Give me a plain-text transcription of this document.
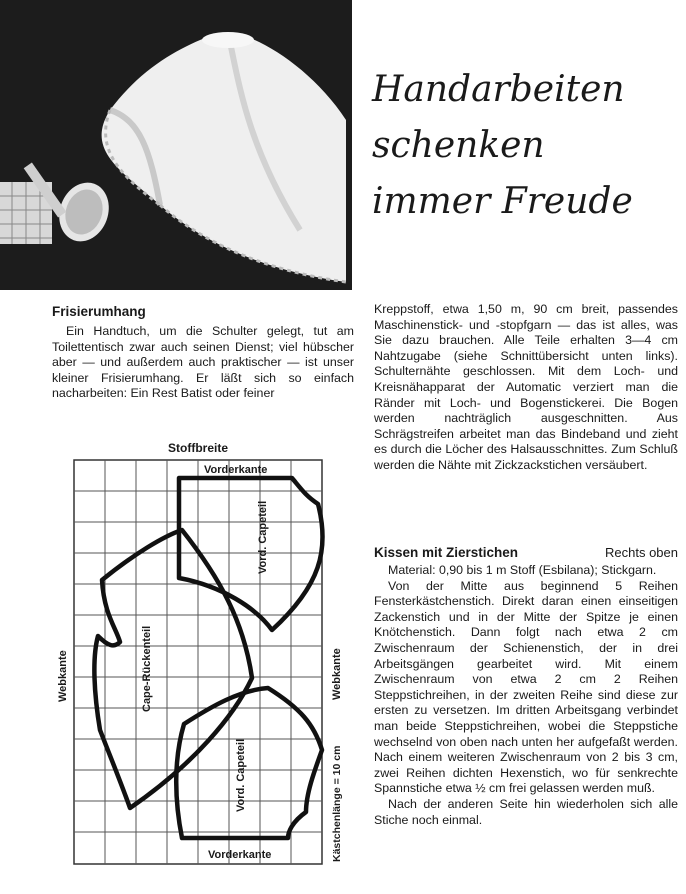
Handarbeiten
schenken
immer Freude
Frisierumhang

Ein Handtuch, um die Schulter gelegt, tut am Toilettentisch zwar auch seinen Dienst; viel hübscher aber — und außerdem auch praktischer — ist unser kleiner Frisierumhang. Er läßt sich so einfach nacharbeiten: Ein Rest Batist oder feiner

Kreppstoff, etwa 1,50 m, 90 cm breit, passendes Maschinenstick- und -stopfgarn — das ist alles, was Sie dazu brauchen. Alle Teile erhalten 3—4 cm Nahtzugabe (siehe Schnittübersicht unten links). Schulternähte geschlossen. Mit dem Loch- und Kreisnähapparat der Automatic verziert man die Ränder mit Loch- und Bogenstickerei. Die Bogen werden nachträglich ausgeschnitten. Aus Schrägstreifen arbeitet man das Bindeband und zieht es durch die Löcher des Halsausschnittes. Zum Schluß werden die Nähte mit Zickzackstichen versäubert.

Kissen mit Zierstichen	Rechts oben

Material: 0,90 bis 1 m Stoff (Esbilana); Stickgarn.

Von der Mitte aus beginnend 5 Reihen Fensterkästchenstich. Direkt daran einen einseitigen Zackenstich und in der Mitte der Spitze je einen Knötchenstich. Dann folgt nach etwa 2 cm Zwischenraum der Schienenstich, der in drei Arbeitsgängen gearbeitet wird. Mit einem Zwischenraum von etwa 2 cm 2 Reihen Steppstichreihen, in der zweiten Reihe sind diese zur ersten zu versetzen. Im dritten Arbeitsgang verbindet man beide Steppstichreihen, wobei die Steppstiche wechselnd von oben nach unten her aufgefaßt werden. Nach einem weiteren Zwischenraum von 2 bis 3 cm, zwei Reihen dichten Hexenstich, wo für senkrechte Spannstiche etwa ½ cm frei gelassen werden muß.

Nach der anderen Seite hin wiederholen sich alle Stiche noch einmal.

Stoffbreite
Vorderkante
Vorderkante
Webkante	Webkante
Cape-Rückenteil
Vord. Capeteil
Vord. Capeteil	Kästchenlänge = 10 cm
